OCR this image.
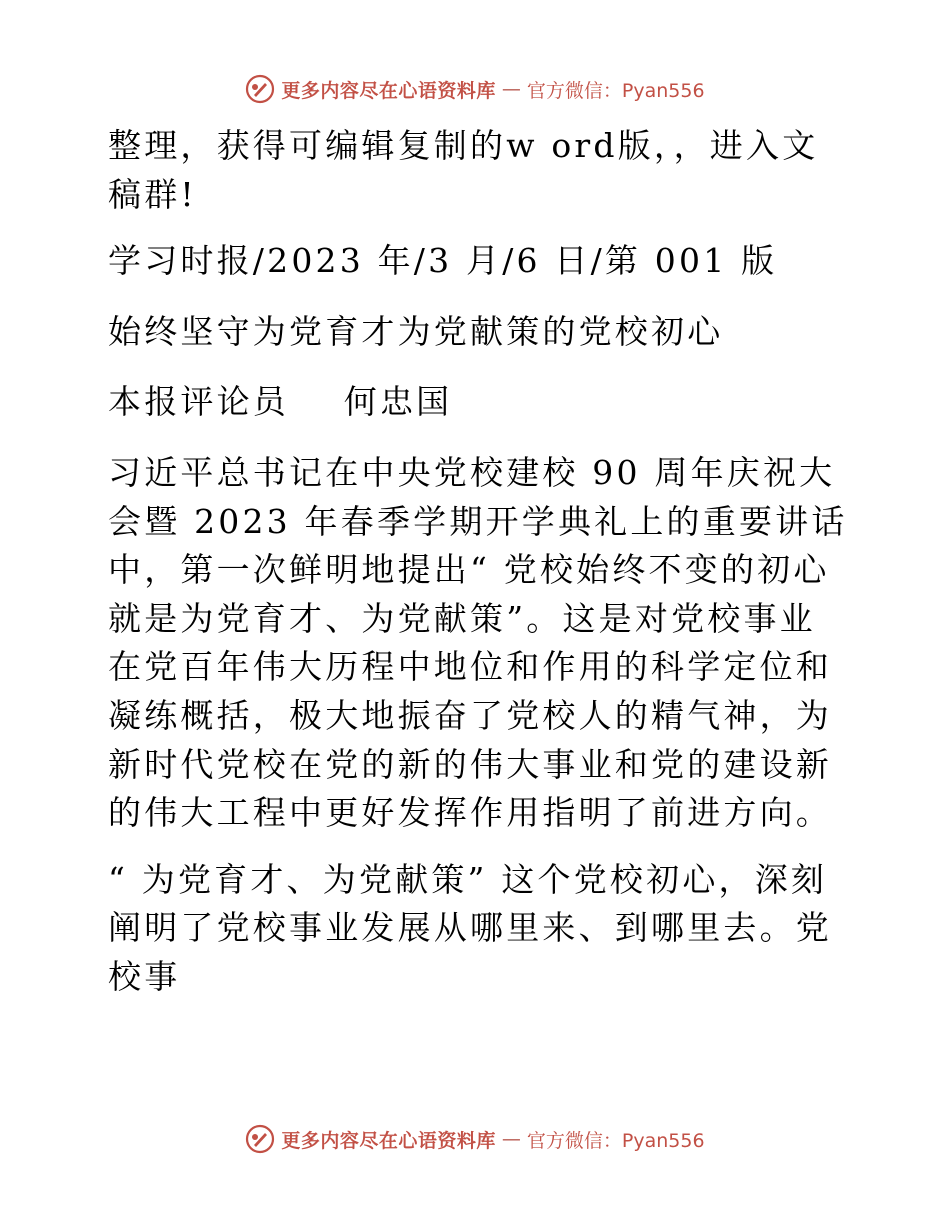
更多内容尽在心语资料库 — 官方微信：Pyan556

整理，获得可编辑复制的w ord版，，进入文稿群!

学习时报/2023 年/3 月/6 日/第 001 版

始终坚守为党育才为党献策的党校初心

本报评论员    何忠国

习近平总书记在中央党校建校 90 周年庆祝大会暨 2023 年春季学期开学典礼上的重要讲话中，第一次鲜明地提出“ 党校始终不变的初心就是为党育才、为党献策”。这是对党校事业在党百年伟大历程中地位和作用的科学定位和凝练概括，极大地振奋了党校人的精气神，为新时代党校在党的新的伟大事业和党的建设新的伟大工程中更好发挥作用指明了前进方向。

“ 为党育才、为党献策” 这个党校初心，深刻阐明了党校事业发展从哪里来、到哪里去。党校事

更多内容尽在心语资料库 — 官方微信：Pyan556
